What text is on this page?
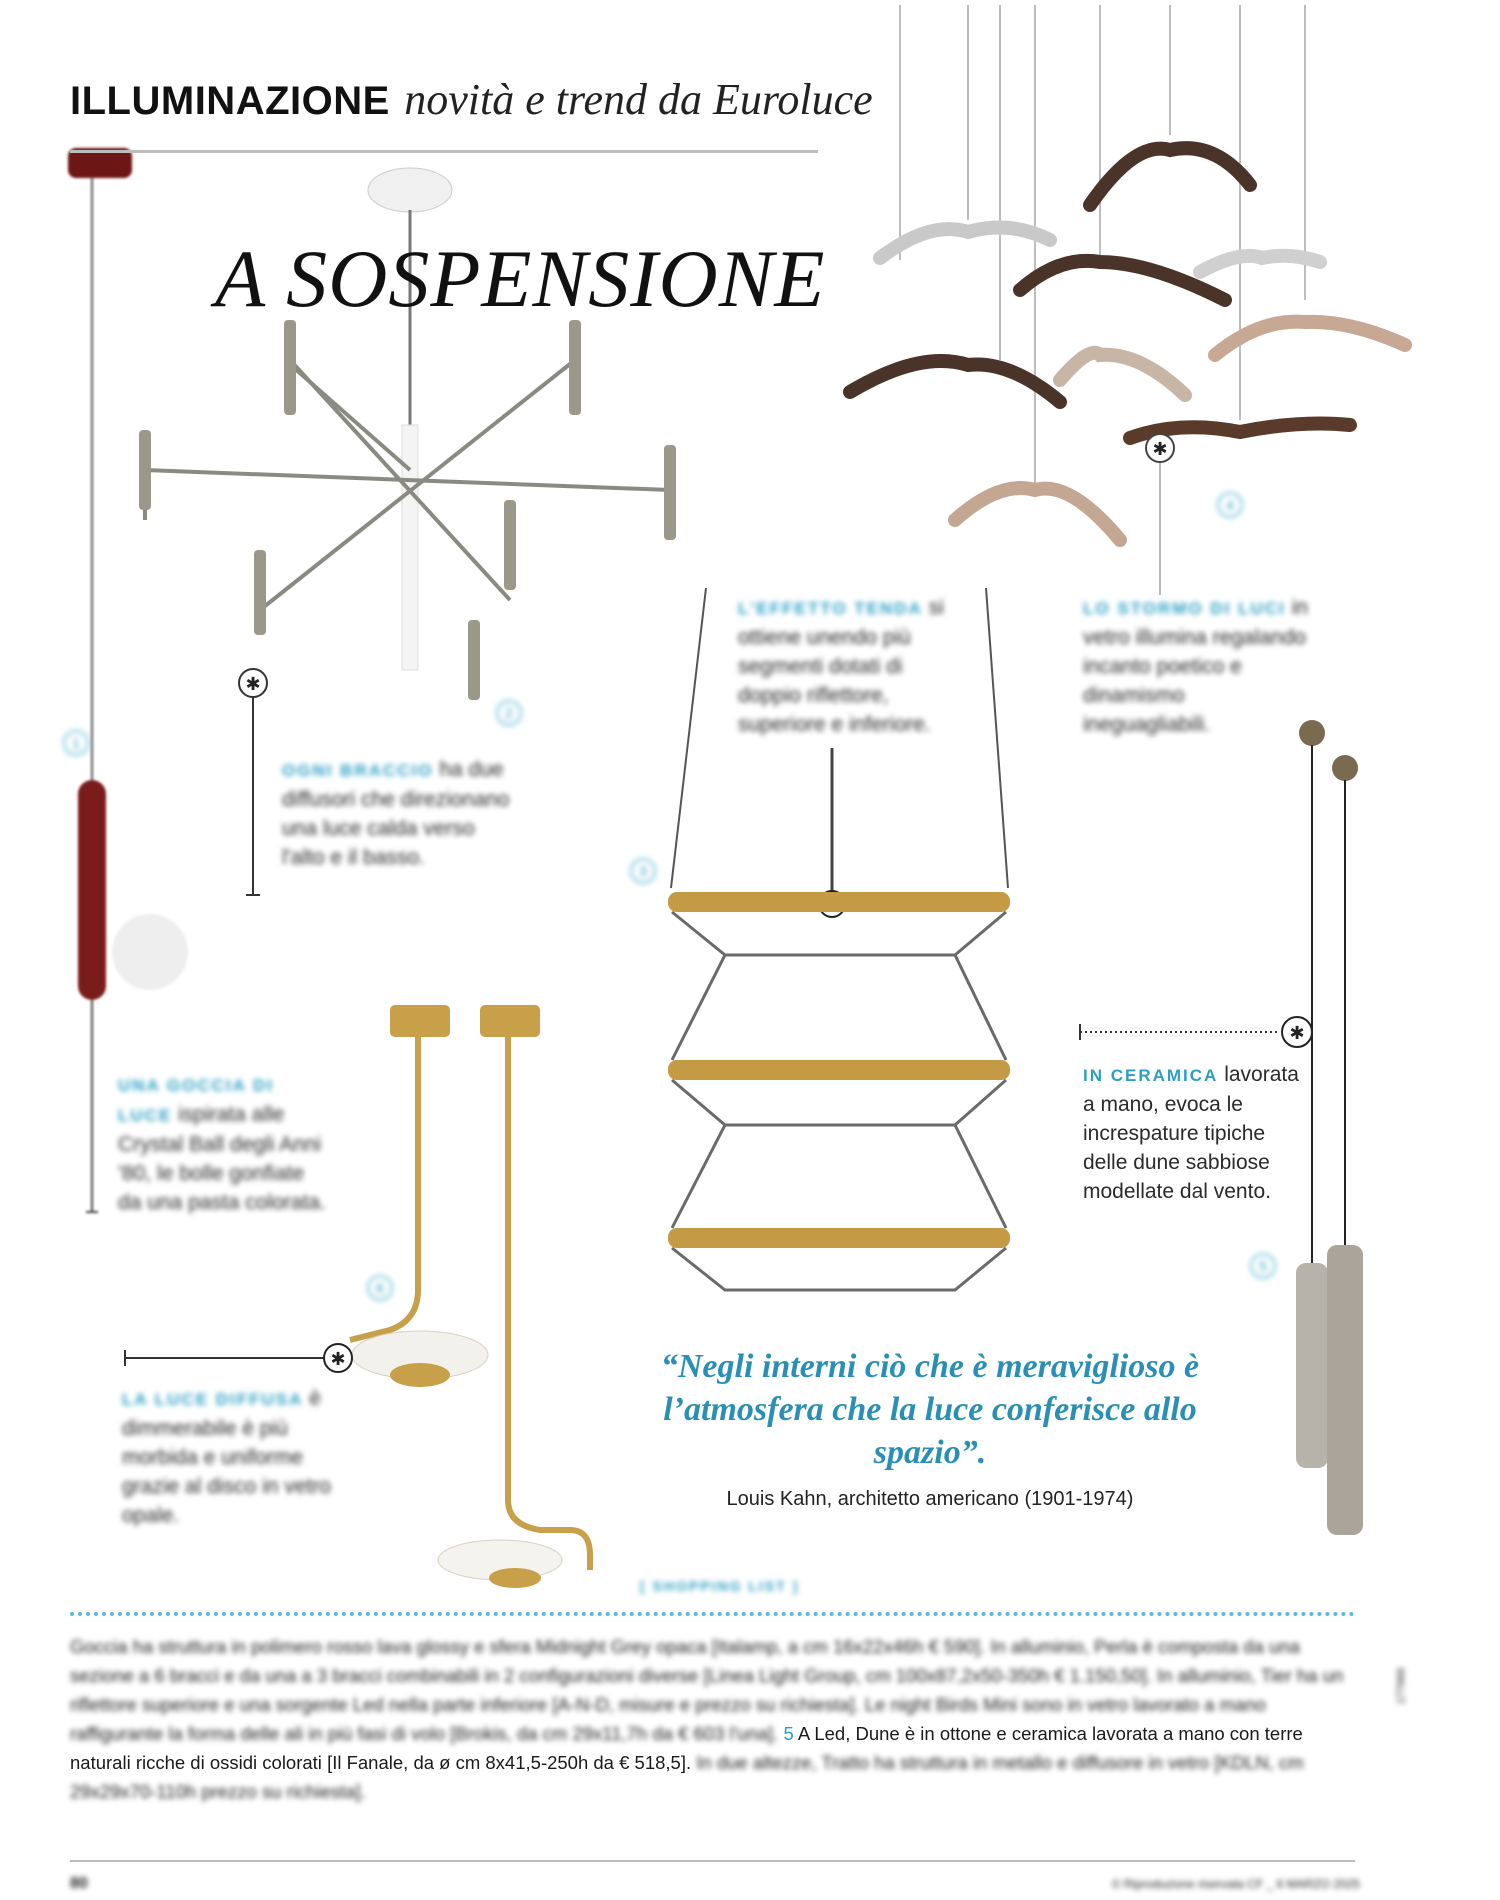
✱
✱
✱
✱
ILLUMINAZIONE novità e trend da Euroluce
A SOSPENSIONE
OGNI BRACCIO ha due diffusori che direzionano una luce calda verso l'alto e il basso.
L'EFFETTO TENDA si ottiene unendo più segmenti dotati di doppio riflettore, superiore e inferiore.
LO STORMO DI LUCI in vetro illumina regalando incanto poetico e dinamismo ineguagliabili.
UNA GOCCIA DI LUCE ispirata alle Crystal Ball degli Anni '80, le bolle gonfiate da una pasta colorata.
IN CERAMICA lavorata a mano, evoca le increspature tipiche delle dune sabbiose modellate dal vento.
LA LUCE DIFFUSA è dimmerabile è più morbida e uniforme grazie al disco in vetro opale.
2
3
4
1
5
6
“Negli interni ciò che è meraviglioso è l’atmosfera che la luce conferisce allo spazio”.
Louis Kahn, architetto americano (1901-1974)
[ SHOPPING LIST ]
Goccia ha struttura in polimero rosso lava glossy e sfera Midnight Grey opaca [Italamp, a cm 16x22x46h € 590]. In alluminio, Perla è composta da una sezione a 6 bracci e da una a 3 bracci combinabili in 2 configurazioni diverse [Linea Light Group, cm 100x87,2x50-350h € 1.150,50]. In alluminio, Tier ha un riflettore superiore e una sorgente Led nella parte inferiore [A-N-D, misure e prezzo su richiesta]. Le night Birds Mini sono in vetro lavorato a mano raffigurante la forma delle ali in più fasi di volo [Brokis, da cm 29x11,7h da € 603 l'una]. 5 A Led, Dune è in ottone e ceramica lavorata a mano con terre naturali ricche di ossidi colorati [Il Fanale, da ø cm 8x41,5-250h da € 518,5]. In due altezze, Tratto ha struttura in metallo e diffusore in vetro [KDLN, cm 29x29x70-110h prezzo su richiesta].
80	© Riproduzione riservata CF _ 6 MARZO 2025
177966
